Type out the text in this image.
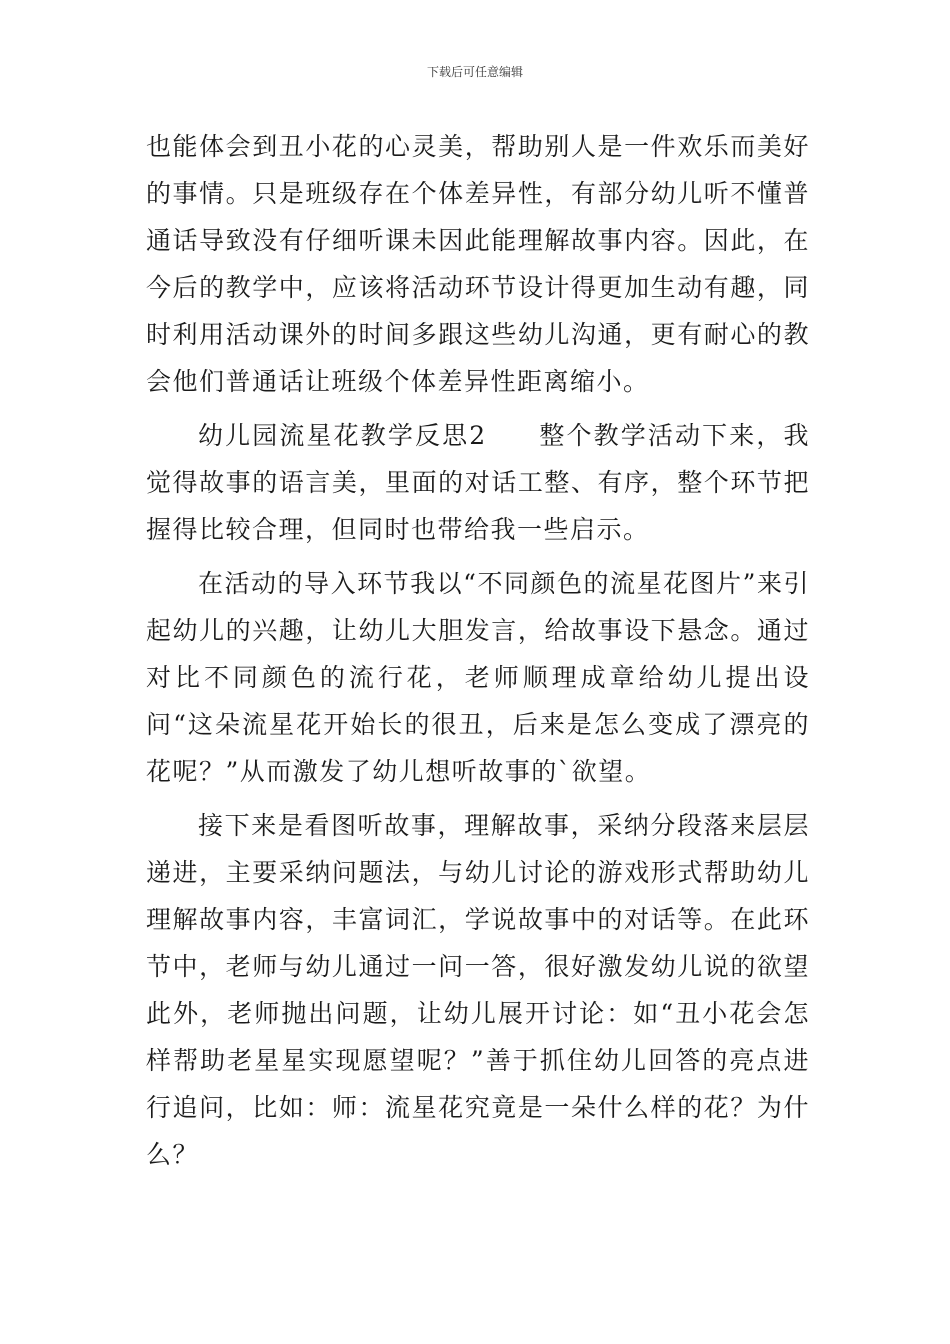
下载后可任意编辑

也能体会到丑小花的心灵美，帮助别人是一件欢乐而美好的事情。只是班级存在个体差异性，有部分幼儿听不懂普通话导致没有仔细听课未因此能理解故事内容。因此，在今后的教学中，应该将活动环节设计得更加生动有趣，同时利用活动课外的时间多跟这些幼儿沟通，更有耐心的教会他们普通话让班级个体差异性距离缩小。

幼儿园流星花教学反思2 整个教学活动下来，我觉得故事的语言美，里面的对话工整、有序，整个环节把握得比较合理，但同时也带给我一些启示。

在活动的导入环节我以“不同颜色的流星花图片”来引起幼儿的兴趣，让幼儿大胆发言，给故事设下悬念。通过对比不同颜色的流行花，老师顺理成章给幼儿提出设问“这朵流星花开始长的很丑，后来是怎么变成了漂亮的花呢？”从而激发了幼儿想听故事的`欲望。

接下来是看图听故事，理解故事，采纳分段落来层层递进，主要采纳问题法，与幼儿讨论的游戏形式帮助幼儿理解故事内容，丰富词汇，学说故事中的对话等。在此环节中，老师与幼儿通过一问一答，很好激发幼儿说的欲望此外，老师抛出问题，让幼儿展开讨论：如“丑小花会怎样帮助老星星实现愿望呢？”善于抓住幼儿回答的亮点进行追问，比如：师：流星花究竟是一朵什么样的花？为什么？
